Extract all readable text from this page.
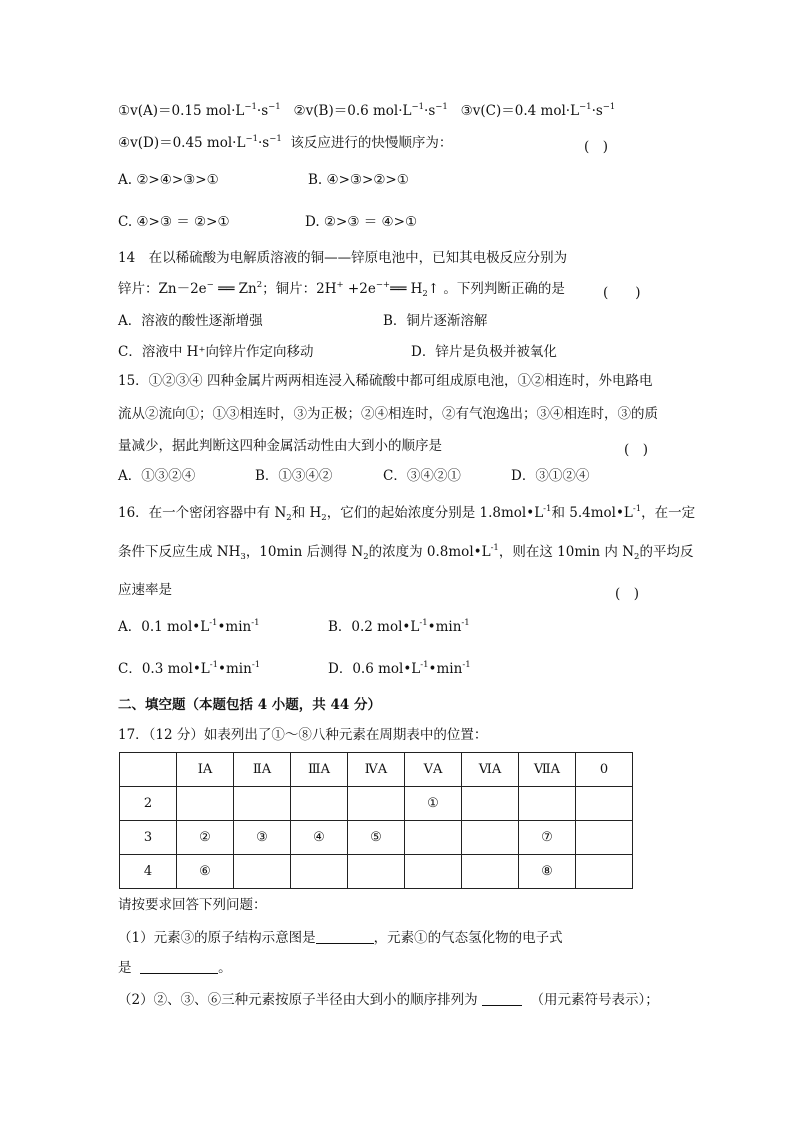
①v(A)＝0.15 $mol\cdot L^{-1}\cdot s^{-1}$ ②v(B)＝0.6 $mol\cdot L^{-1}\cdot s^{-1}$ ③v(C)＝0.4 $mol\cdot L^{-1}\cdot s^{-1}$
④v(D)＝0.45 $mol\cdot L^{-1}\cdot s^{-1}$ 该反应进行的快慢顺序为：	(　)
A. ②>④>③>①	B. ④>③>②>①
C. ④>③ ＝ ②>①	D. ②>③ ＝ ④>①
14　在以稀硫酸为电解质溶液的铜——锌原电池中，已知其电极反应分别为
锌片：Zn－2e− ══ Zn$^2$；铜片：2H+ +2e−+══ $H_2↑$ 。下列判断正确的是	(　　)
A．溶液的酸性逐渐增强	B．铜片逐渐溶解
C．溶液中 H⁺向锌片作定向移动	D．锌片是负极并被氧化
15．①②③④ 四种金属片两两相连浸入稀硫酸中都可组成原电池，①②相连时，外电路电
流从②流向①；①③相连时，③为正极；②④相连时，②有气泡逸出；③④相连时，③的质
量减少，据此判断这四种金属活动性由大到小的顺序是	(　)
A．①③②④	B．①③④②	C．③④②①	D．③①②④
16．在一个密闭容器中有 $N_2$和 $H_2$，它们的起始浓度分别是 $1.8mol•L^{-1}$和 $5.4mol•L^{-1}$，在一定
条件下反应生成 $NH_3$，10min 后测得 $N_2$的浓度为 $0.8mol•L^{-1}$，则在这 10min 内 $N_2$的平均反
应速率是	(　)
A．0.1 $mol•L^{-1}•\min^{-1}$	B．0.2 $mol•L^{-1}•\min^{-1}$
C．0.3 $mol•L^{-1}•\min^{-1}$	D．0.6 $mol•L^{-1}•\min^{-1}$
二、填空题（本题包括 4 小题，共 44 分）
17．（12 分）如表列出了①～⑧八种元素在周期表中的位置：
	ⅠA	ⅡA	ⅢA	ⅣA	ⅤA	ⅥA	ⅦA	0
2					①			
3	②	③	④	⑤			⑦	
4	⑥						⑧	
请按要求回答下列问题：
（1）元素③的原子结构示意图是	，元素①的气态氢化物的电子式
是	。
（2）②、③、⑥三种元素按原子半径由大到小的顺序排列为	（用元素符号表示）；
